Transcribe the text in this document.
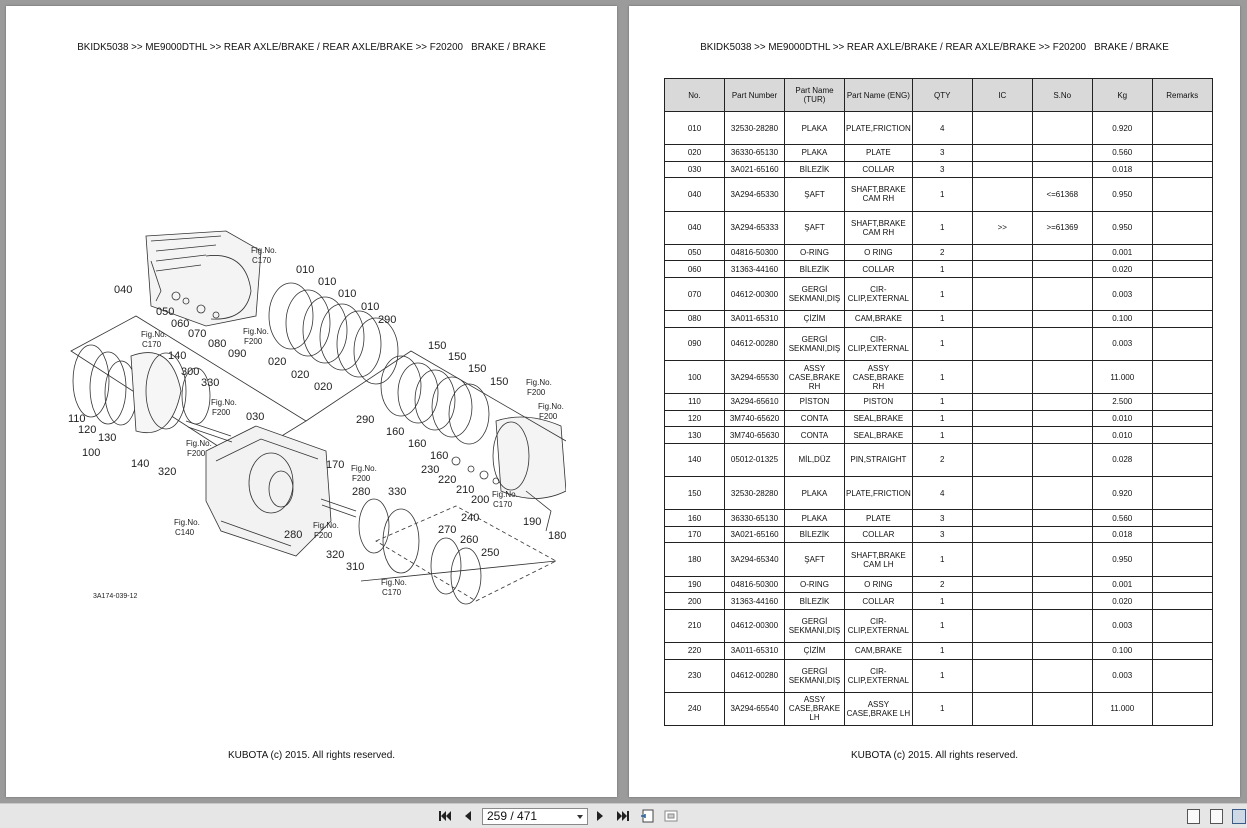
BKIDK5038 >> ME9000DTHL >> REAR AXLE/BRAKE / REAR AXLE/BRAKE >> F20200   BRAKE / BRAKE
010
010
010
010
020
020
020
290
040
050
060
070
080
090
140
300
330
110
120
130
100
140
320
030
150
150
150
150
290
160
160
160
230
220
210
200
190
180
170
280 330
280
320
310
240
270
260
250
Fig.No.
C170
Fig.No.
C170
Fig.No.
F200
Fig.No.
F200
Fig.No.
F200
Fig.No.
F200
Fig.No.
F200
Fig.No.
C140
Fig.No.
C170
Fig.No.
F200
Fig.No.
F200
Fig.No.
C170
3A174-039-12
KUBOTA (c) 2015. All rights reserved.
BKIDK5038 >> ME9000DTHL >> REAR AXLE/BRAKE / REAR AXLE/BRAKE >> F20200   BRAKE / BRAKE
No.	Part Number	Part Name (TUR)	Part Name (ENG)	QTY	IC	S.No	Kg	Remarks
010	32530-28280	PLAKA	PLATE,FRICTION	4			0.920	
020	36330-65130	PLAKA	PLATE	3			0.560	
030	3A021-65160	BİLEZİK	COLLAR	3			0.018	
040	3A294-65330	ŞAFT	SHAFT,BRAKE CAM RH	1		<=61368	0.950	
040	3A294-65333	ŞAFT	SHAFT,BRAKE CAM RH	1	>>	>=61369	0.950	
050	04816-50300	O-RING	O RING	2			0.001	
060	31363-44160	BİLEZİK	COLLAR	1			0.020	
070	04612-00300	GERGİ SEKMANI,DIŞ	CIR-CLIP,EXTERNAL	1			0.003	
080	3A011-65310	ÇİZİM	CAM,BRAKE	1			0.100	
090	04612-00280	GERGİ SEKMANI,DIŞ	CIR-CLIP,EXTERNAL	1			0.003	
100	3A294-65530	ASSY CASE,BRAKE RH	ASSY CASE,BRAKE RH	1			11.000	
110	3A294-65610	PİSTON	PISTON	1			2.500	
120	3M740-65620	CONTA	SEAL,BRAKE	1			0.010	
130	3M740-65630	CONTA	SEAL,BRAKE	1			0.010	
140	05012-01325	MİL,DÜZ	PIN,STRAIGHT	2			0.028	
150	32530-28280	PLAKA	PLATE,FRICTION	4			0.920	
160	36330-65130	PLAKA	PLATE	3			0.560	
170	3A021-65160	BİLEZİK	COLLAR	3			0.018	
180	3A294-65340	ŞAFT	SHAFT,BRAKE CAM LH	1			0.950	
190	04816-50300	O-RING	O RING	2			0.001	
200	31363-44160	BİLEZİK	COLLAR	1			0.020	
210	04612-00300	GERGİ SEKMANI,DIŞ	CIR-CLIP,EXTERNAL	1			0.003	
220	3A011-65310	ÇİZİM	CAM,BRAKE	1			0.100	
230	04612-00280	GERGİ SEKMANI,DIŞ	CIR-CLIP,EXTERNAL	1			0.003	
240	3A294-65540	ASSY CASE,BRAKE LH	ASSY CASE,BRAKE LH	1			11.000	
KUBOTA (c) 2015. All rights reserved.
259 / 471
